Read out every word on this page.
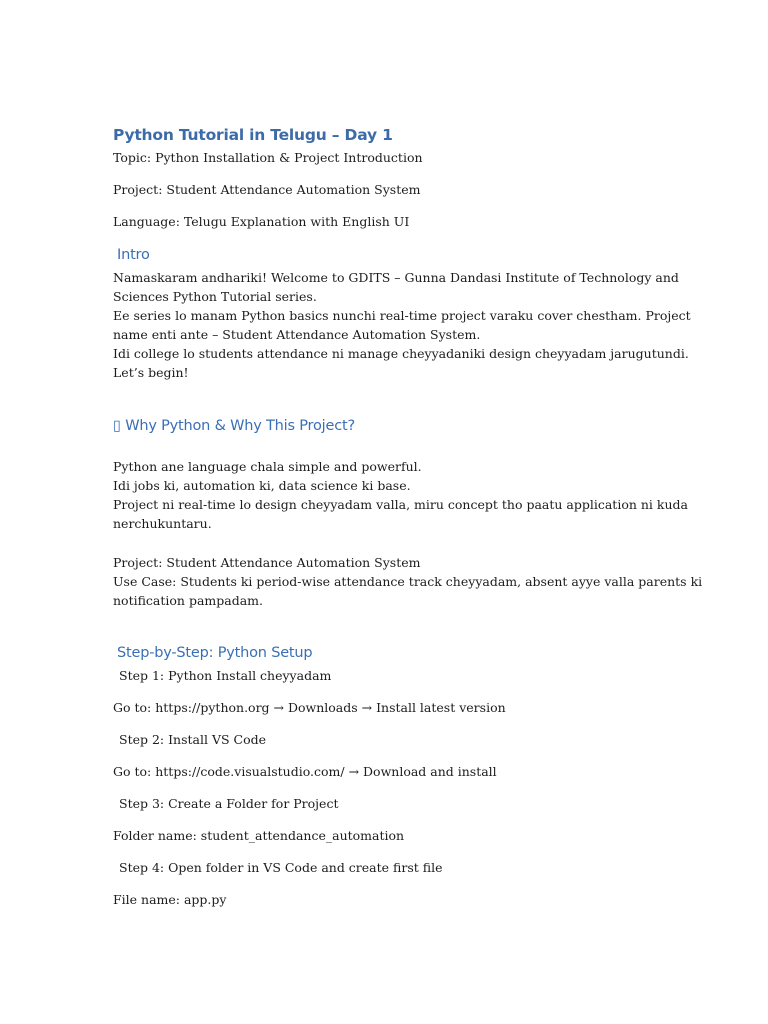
Python Tutorial in Telugu – Day 1
Topic: Python Installation & Project Introduction
Project: Student Attendance Automation System
Language: Telugu Explanation with English UI
Intro
Namaskaram andhariki! Welcome to GDITS – Gunna Dandasi Institute of Technology and
Sciences Python Tutorial series.
Ee series lo manam Python basics nunchi real-time project varaku cover chestham. Project
name enti ante – Student Attendance Automation System.
Idi college lo students attendance ni manage cheyyadaniki design cheyyadam jarugutundi.
Let’s begin!
▯ Why Python & Why This Project?
Python ane language chala simple and powerful.
Idi jobs ki, automation ki, data science ki base.
Project ni real-time lo design cheyyadam valla, miru concept tho paatu application ni kuda
nerchukuntaru.
Project: Student Attendance Automation System
Use Case: Students ki period-wise attendance track cheyyadam, absent ayye valla parents ki
notification pampadam.
Step-by-Step: Python Setup
Step 1: Python Install cheyyadam
Go to: https://python.org → Downloads → Install latest version
Step 2: Install VS Code
Go to: https://code.visualstudio.com/ → Download and install
Step 3: Create a Folder for Project
Folder name: student_attendance_automation
Step 4: Open folder in VS Code and create first file
File name: app.py
